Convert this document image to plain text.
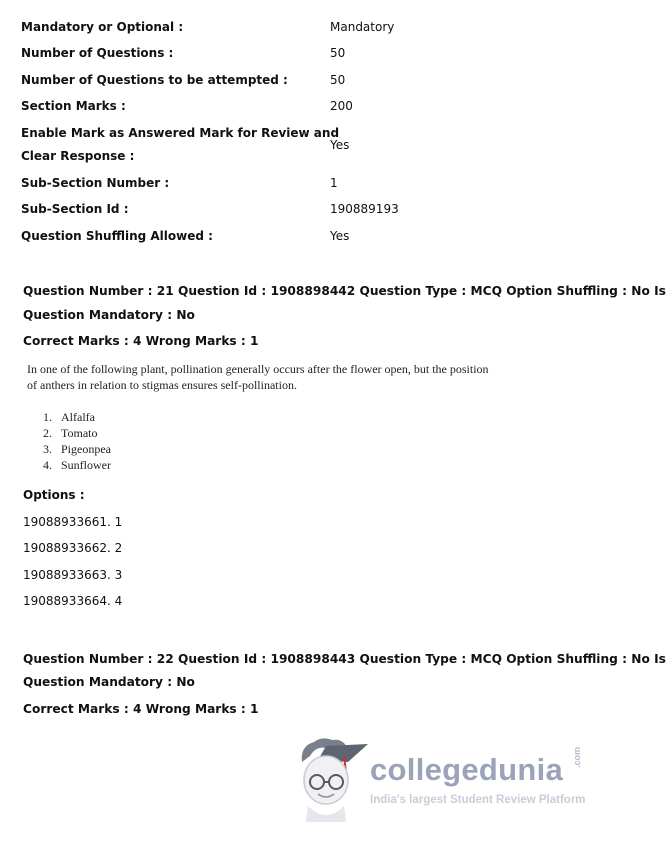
Mandatory or Optional :	Mandatory
Number of Questions :	50
Number of Questions to be attempted :	50
Section Marks :	200
Enable Mark as Answered Mark for Review and
Clear Response :
Yes
Sub-Section Number :	1
Sub-Section Id :	190889193
Question Shuffling Allowed :	Yes
Question Number : 21 Question Id : 1908898442 Question Type : MCQ Option Shuffling : No Is
Question Mandatory : No
Correct Marks : 4 Wrong Marks : 1
In one of the following plant, pollination generally occurs after the flower open, but the position
of anthers in relation to stigmas ensures self-pollination.
1. Alfalfa
2. Tomato
3. Pigeonpea
4. Sunflower
Options :
19088933661. 1
19088933662. 2
19088933663. 3
19088933664. 4
Question Number : 22 Question Id : 1908898443 Question Type : MCQ Option Shuffling : No Is
Question Mandatory : No
Correct Marks : 4 Wrong Marks : 1
collegedunia .com
India's largest Student Review Platform
